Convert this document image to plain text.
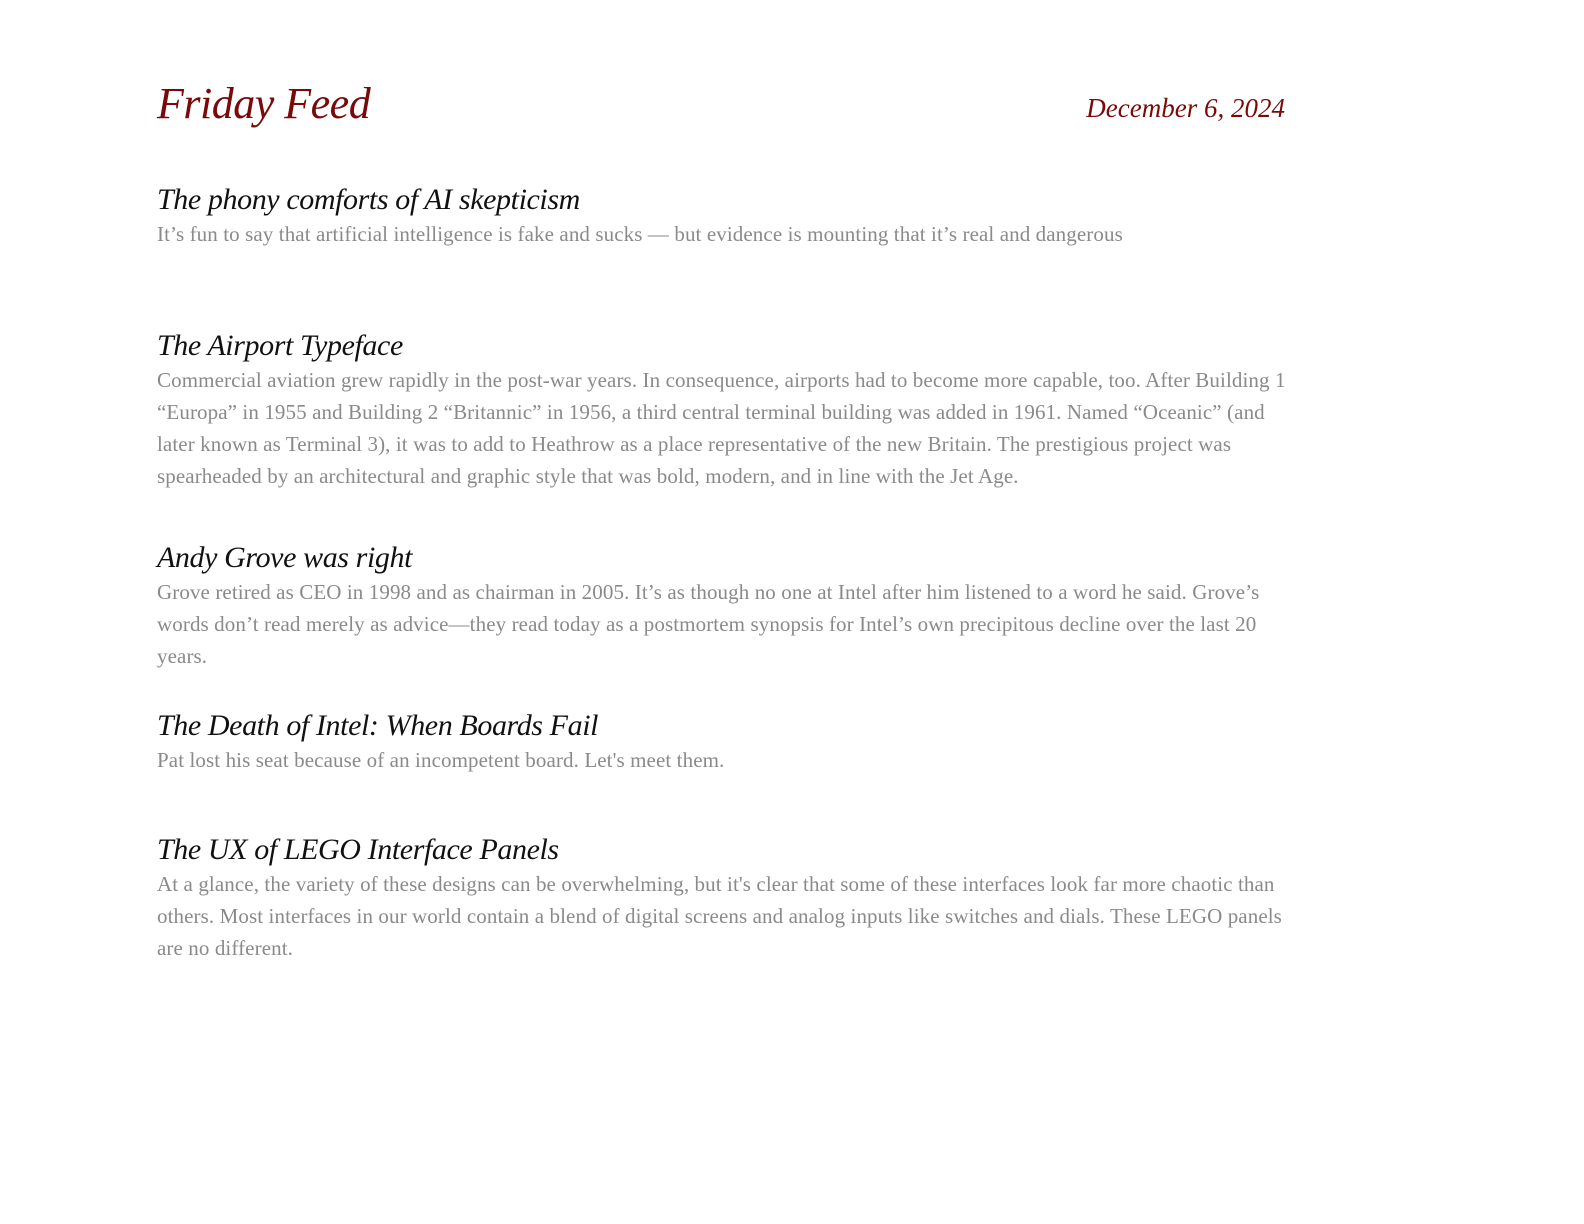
Friday Feed	December 6, 2024
The phony comforts of AI skepticism

It’s fun to say that artificial intelligence is fake and sucks — but evidence is mounting that it’s real and dangerous

The Airport Typeface

Commercial aviation grew rapidly in the post-war years. In consequence, airports had to become more capable, too. After Building 1 “Europa” in 1955 and Building 2 “Britannic” in 1956, a third central terminal building was added in 1961. Named “Oceanic” (and later known as Terminal 3), it was to add to Heathrow as a place representative of the new Britain. The prestigious project was spearheaded by an architectural and graphic style that was bold, modern, and in line with the Jet Age.

Andy Grove was right

Grove retired as CEO in 1998 and as chairman in 2005. It’s as though no one at Intel after him listened to a word he said. Grove’s words don’t read merely as advice—they read today as a postmortem synopsis for Intel’s own precipitous decline over the last 20 years.

The Death of Intel: When Boards Fail

Pat lost his seat because of an incompetent board. Let's meet them.

The UX of LEGO Interface Panels

At a glance, the variety of these designs can be overwhelming, but it's clear that some of these interfaces look far more chaotic than others. Most interfaces in our world contain a blend of digital screens and analog inputs like switches and dials. These LEGO panels are no different.
